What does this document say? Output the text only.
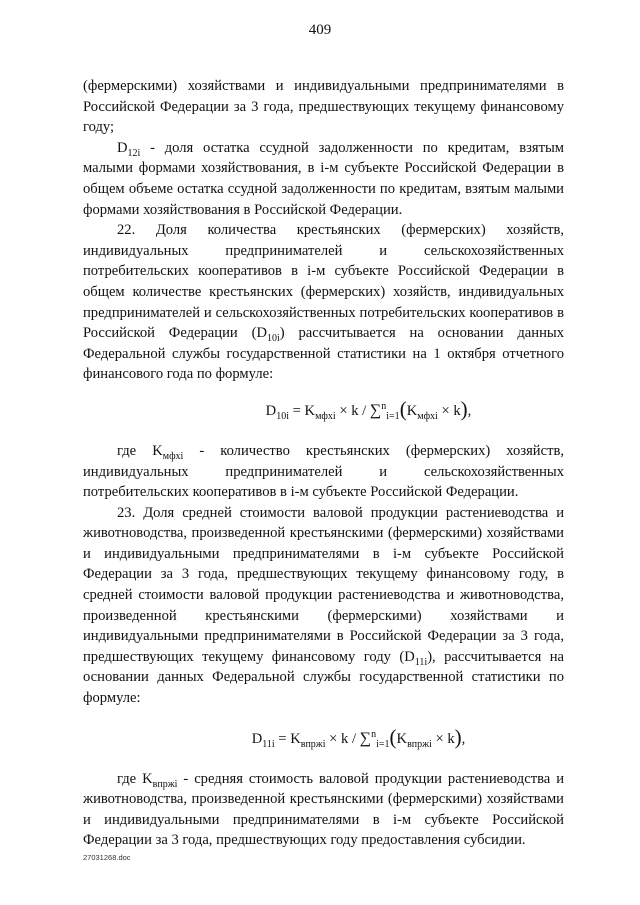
409

(фермерскими) хозяйствами и индивидуальными предпринимателями в Российской Федерации за 3 года, предшествующих текущему финансовому году;

$D_{12i}$ - доля остатка ссудной задолженности по кредитам, взятым малыми формами хозяйствования, в i-м субъекте Российской Федерации в общем объеме остатка ссудной задолженности по кредитам, взятым малыми формами хозяйствования в Российской Федерации.

22. Доля количества крестьянских (фермерских) хозяйств, индивидуальных предпринимателей и сельскохозяйственных потребительских кооперативов в i-м субъекте Российской Федерации в общем количестве крестьянских (фермерских) хозяйств, индивидуальных предпринимателей и сельскохозяйственных потребительских кооперативов в Российской Федерации $(D_{10i})$ рассчитывается на основании данных Федеральной службы государственной статистики на 1 октября отчетного финансового года по формуле:

$D_{10i} = K_{мфхi} \times k / \sum^n_{i=1}(K_{мфхi} \times k)$,

где $K_{мфхi}$ - количество крестьянских (фермерских) хозяйств, индивидуальных предпринимателей и сельскохозяйственных потребительских кооперативов в i-м субъекте Российской Федерации.

23. Доля средней стоимости валовой продукции растениеводства и животноводства, произведенной крестьянскими (фермерскими) хозяйствами и индивидуальными предпринимателями в i-м субъекте Российской Федерации за 3 года, предшествующих текущему финансовому году, в средней стоимости валовой продукции растениеводства и животноводства, произведенной крестьянскими (фермерскими) хозяйствами и индивидуальными предпринимателями в Российской Федерации за 3 года, предшествующих текущему финансовому году $(D_{11i})$, рассчитывается на основании данных Федеральной службы государственной статистики по формуле:

$D_{11i} = K_{впржi} \times k / \sum^n_{i=1}(K_{впржi} \times k)$,

где $K_{впржi}$ - средняя стоимость валовой продукции растениеводства и животноводства, произведенной крестьянскими (фермерскими) хозяйствами и индивидуальными предпринимателями в i-м субъекте Российской Федерации за 3 года, предшествующих году предоставления субсидии.

27031268.doc
